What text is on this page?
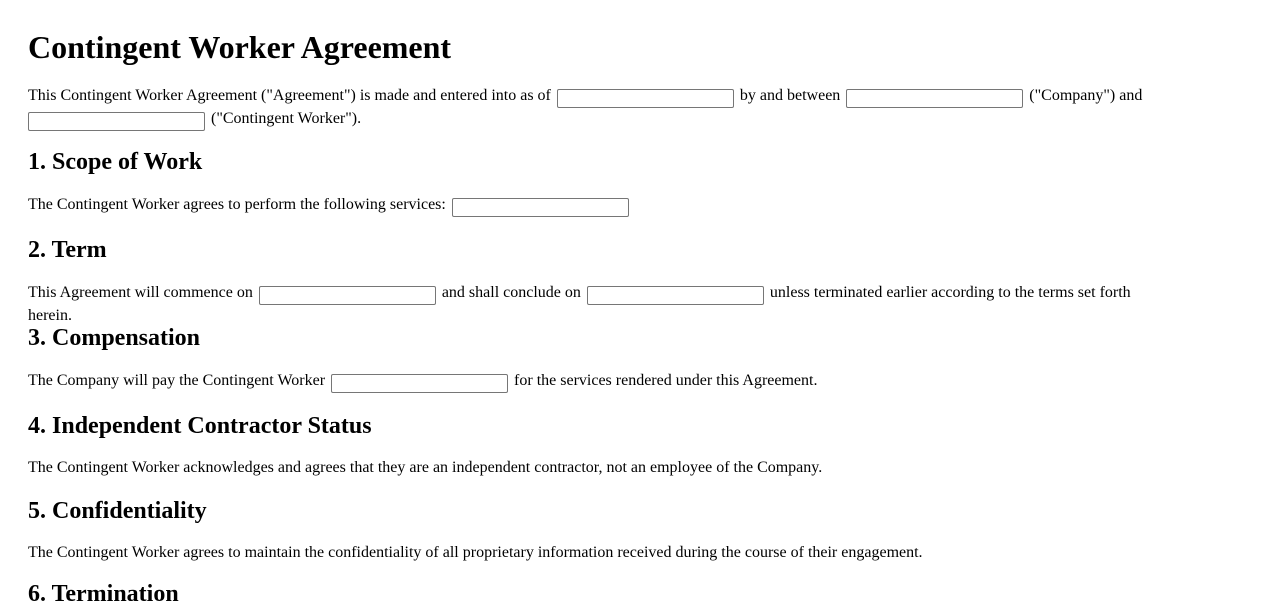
Contingent Worker Agreement

This Contingent Worker Agreement ("Agreement") is made and entered into as of	by and between	("Company") and
("Contingent Worker").

1. Scope of Work

The Contingent Worker agrees to perform the following services:

2. Term

This Agreement will commence on	and shall conclude on	unless terminated earlier according to the terms set forth herein.

3. Compensation

The Company will pay the Contingent Worker	for the services rendered under this Agreement.

4. Independent Contractor Status

The Contingent Worker acknowledges and agrees that they are an independent contractor, not an employee of the Company.

5. Confidentiality

The Contingent Worker agrees to maintain the confidentiality of all proprietary information received during the course of their engagement.

6. Termination
